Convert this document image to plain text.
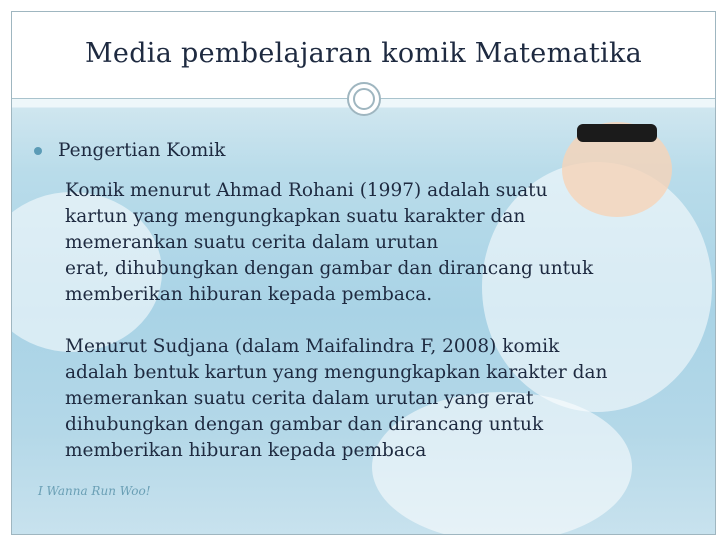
Media pembelajaran komik Matematika
Pengertian Komik
Komik menurut Ahmad Rohani (1997) adalah suatu
kartun yang mengungkapkan suatu karakter dan
memerankan suatu cerita dalam urutan
erat, dihubungkan dengan gambar dan dirancang untuk
memberikan hiburan kepada pembaca.
Menurut Sudjana (dalam Maifalindra F, 2008) komik
adalah bentuk kartun yang mengungkapkan karakter dan
memerankan suatu cerita dalam urutan yang erat
dihubungkan dengan gambar dan dirancang untuk
memberikan hiburan kepada pembaca
I Wanna Run Woo!
